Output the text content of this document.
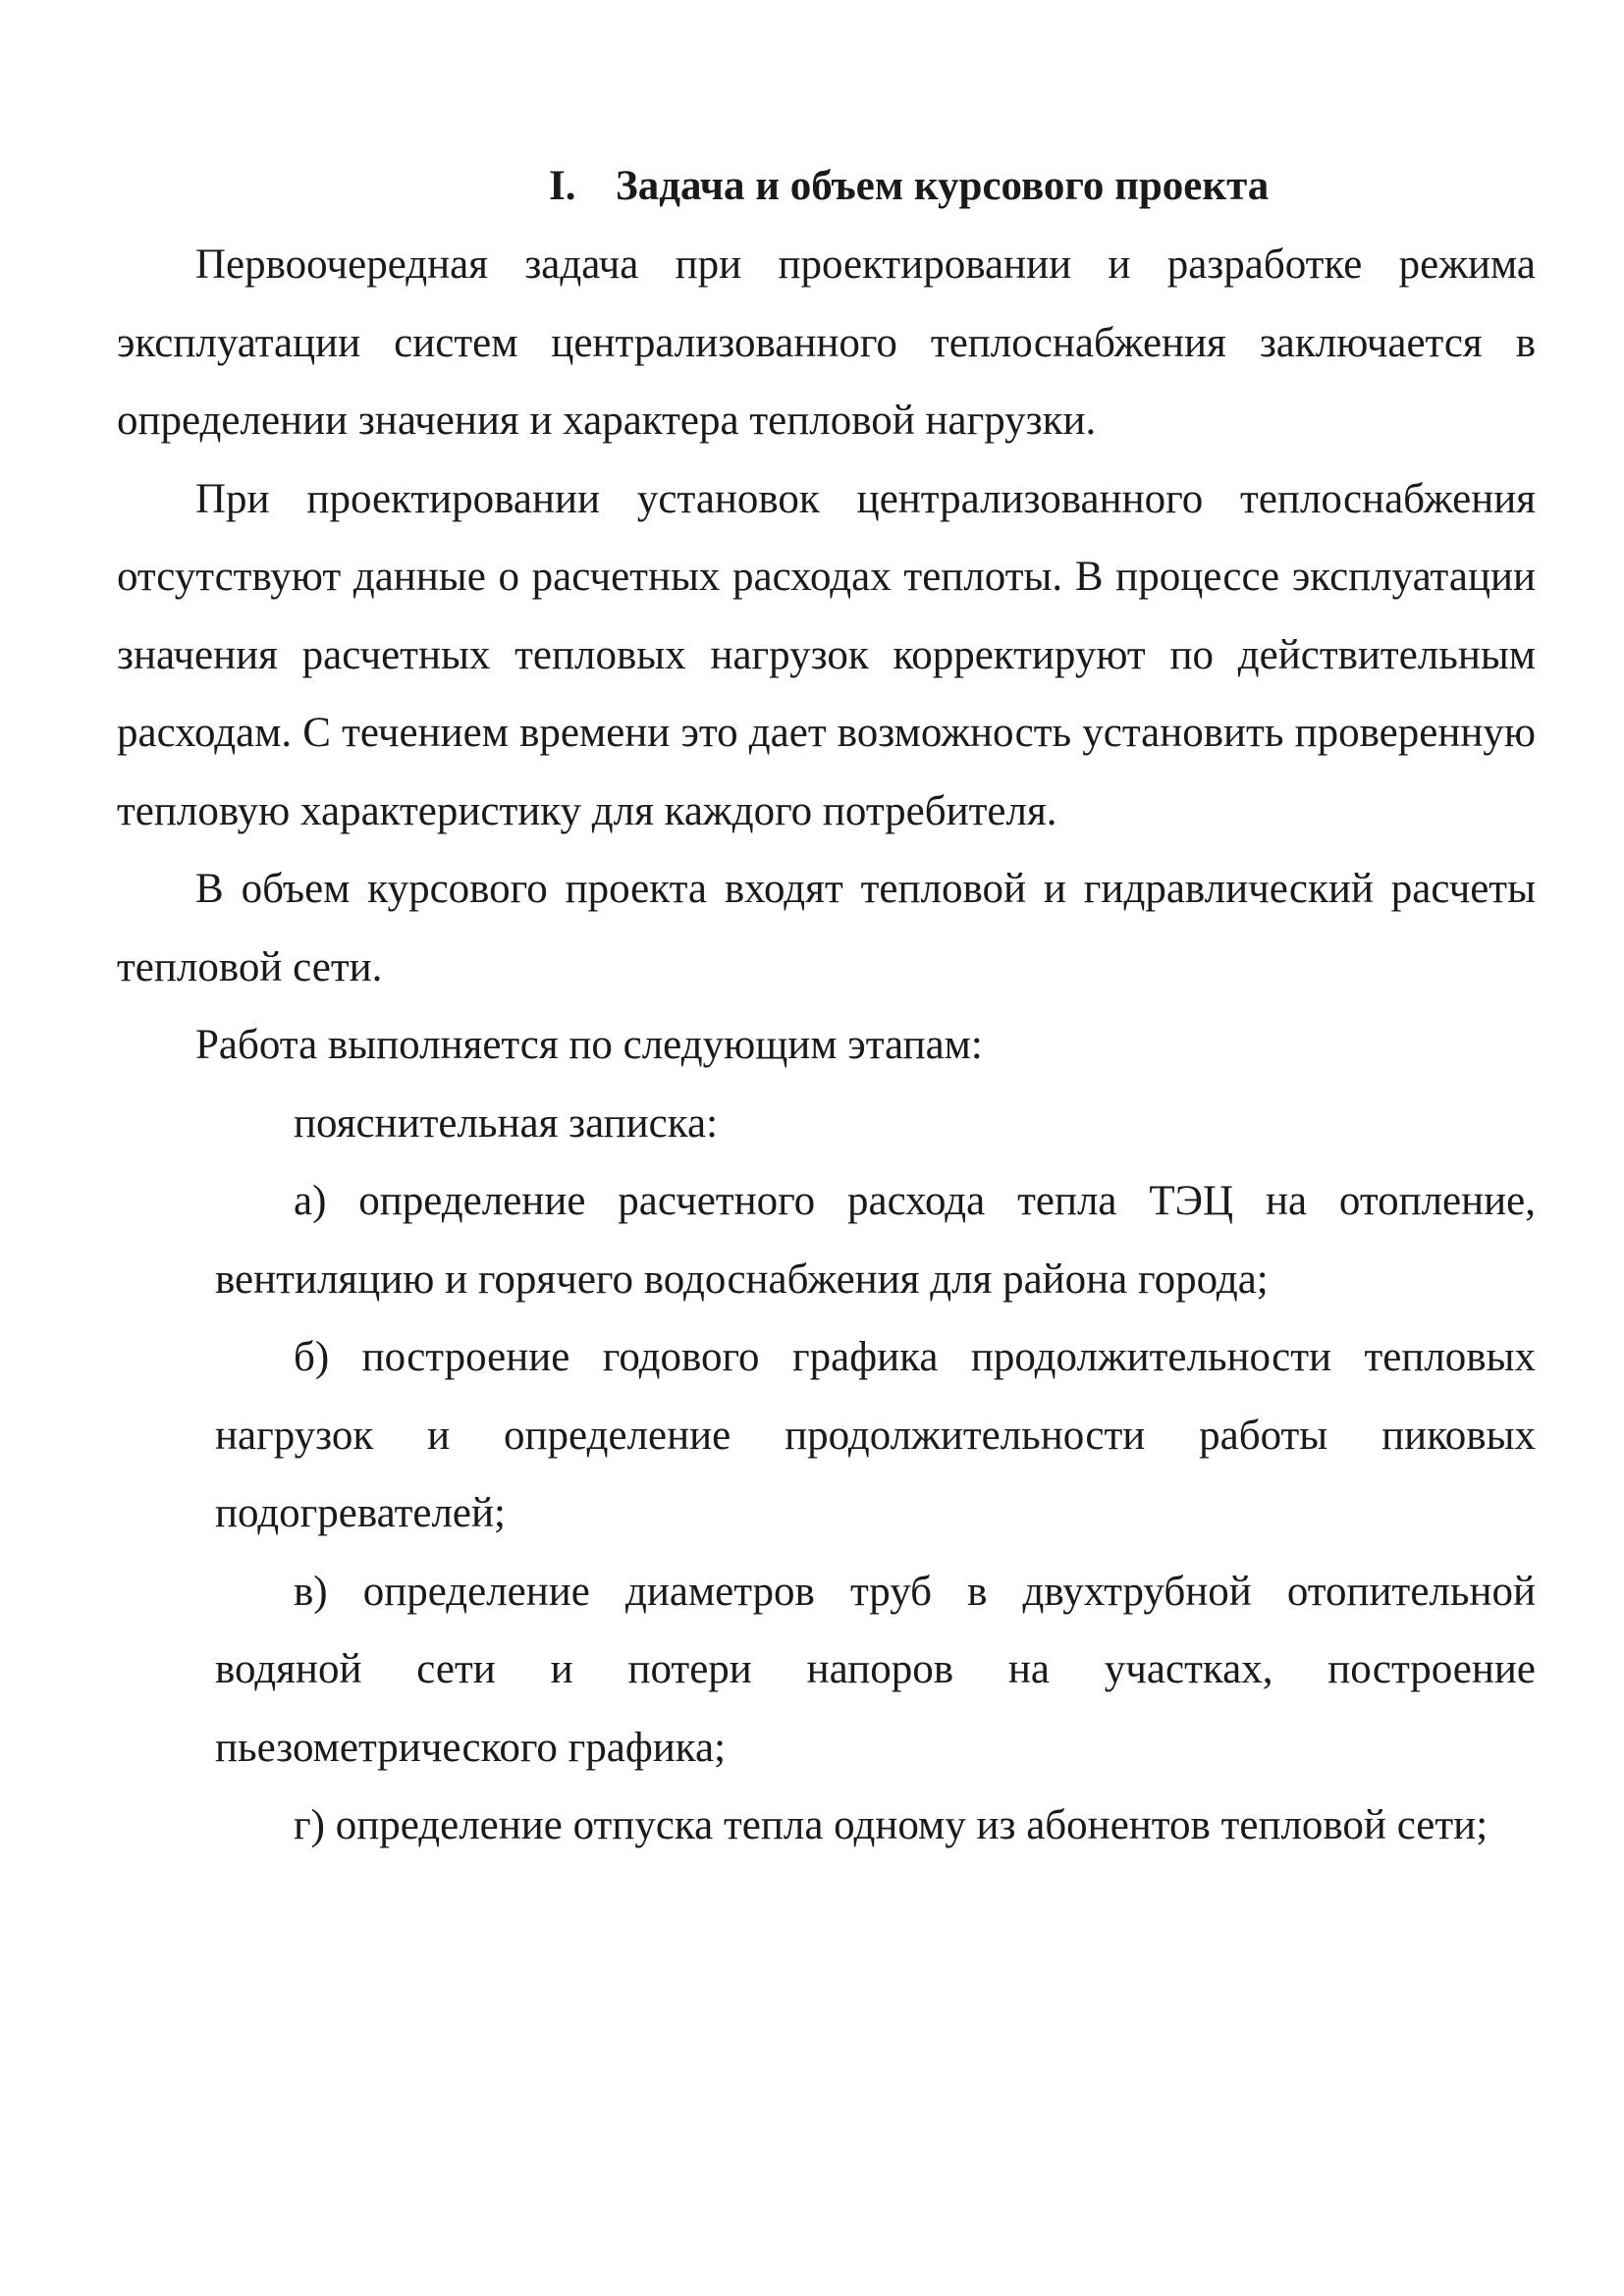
I. Задача и объем курсового проекта

Первоочередная задача при проектировании и разработке режима эксплуатации систем централизованного теплоснабжения заключается в определении значения и характера тепловой нагрузки.

При проектировании установок централизованного теплоснабжения отсутствуют данные о расчетных расходах теплоты. В процессе эксплуатации значения расчетных тепловых нагрузок корректируют по действительным расходам. С течением времени это дает возможность установить проверенную тепловую характеристику для каждого потребителя.

В объем курсового проекта входят тепловой и гидравлический расчеты тепловой сети.

Работа выполняется по следующим этапам:

пояснительная записка:

а) определение расчетного расхода тепла ТЭЦ на отопление, вентиляцию и горячего водоснабжения для района города;

б) построение годового графика продолжительности тепловых нагрузок и определение продолжительности работы пиковых подогревателей;

в) определение диаметров труб в двухтрубной отопительной водяной сети и потери напоров на участках, построение пьезометрического графика;

г) определение отпуска тепла одному из абонентов тепловой сети;
